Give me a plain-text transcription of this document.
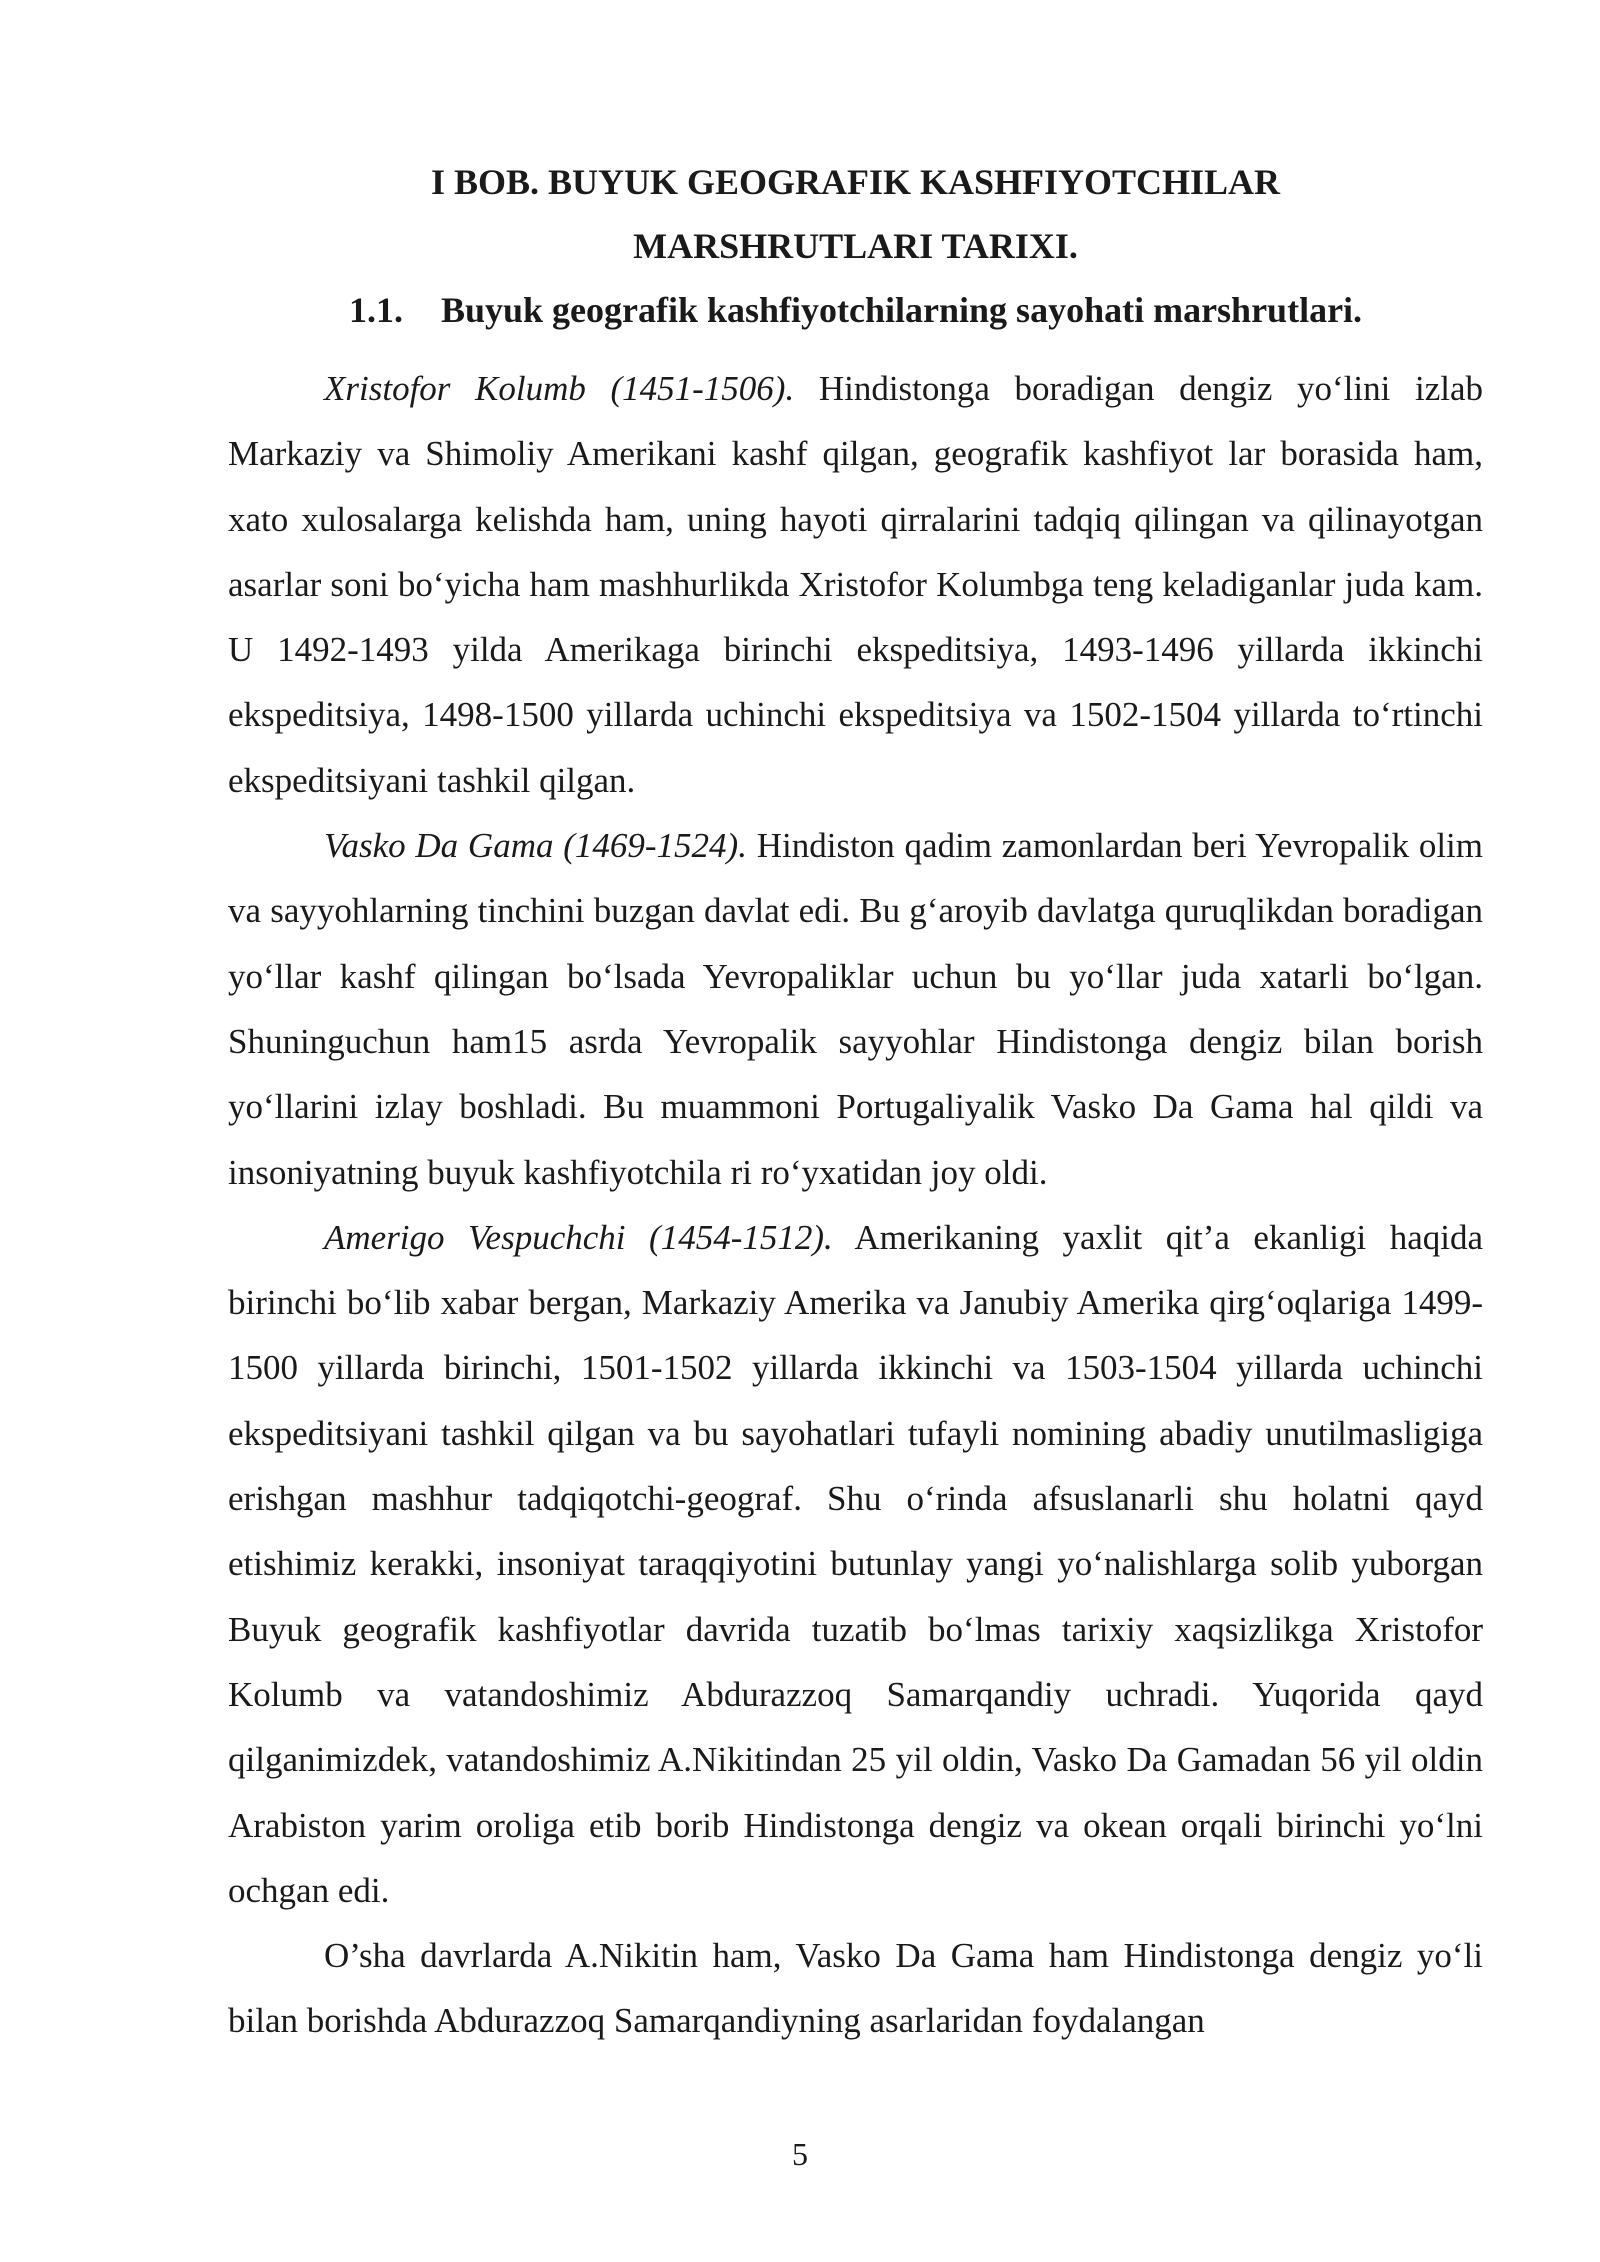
I BOB. BUYUK GEOGRAFIK KASHFIYOTCHILAR

MARSHRUTLARI TARIXI.

1.1. Buyuk geografik kashfiyotchilarning sayohati marshrutlari.

Xristofor Kolumb (1451-1506). Hindistonga boradigan dengiz yo‘lini izlab Markaziy va Shimoliy Amerikani kashf qilgan, geografik kashfiyot lar borasida ham, xato xulosalarga kelishda ham, uning hayoti qirralarini tadqiq qilingan va qilinayotgan asarlar soni bo‘yicha ham mashhurlikda Xristofor Kolumbga teng keladiganlar juda kam. U 1492-1493 yilda Amerikaga birinchi ekspeditsiya, 1493-1496 yillarda ikkinchi ekspeditsiya, 1498-1500 yillarda uchinchi ekspeditsiya va 1502-1504 yillarda to‘rtinchi ekspeditsiyani tashkil qilgan.

Vasko Da Gama (1469-1524). Hindiston qadim zamonlardan beri Yevropalik olim va sayyohlarning tinchini buzgan davlat edi. Bu g‘aroyib davlatga quruqlikdan boradigan yo‘llar kashf qilingan bo‘lsada Yevropaliklar uchun bu yo‘llar juda xatarli bo‘lgan. Shuninguchun ham15 asrda Yevropalik sayyohlar Hindistonga dengiz bilan borish yo‘llarini izlay boshladi. Bu muammoni Portugaliyalik Vasko Da Gama hal qildi va insoniyatning buyuk kashfiyotchila ri ro‘yxatidan joy oldi.

Amerigo Vespuchchi (1454-1512). Amerikaning yaxlit qit’a ekanligi haqida birinchi bo‘lib xabar bergan, Markaziy Amerika va Janubiy Amerika qirg‘oqlariga 1499-1500 yillarda birinchi, 1501-1502 yillarda ikkinchi va 1503-1504 yillarda uchinchi ekspeditsiyani tashkil qilgan va bu sayohatlari tufayli nomining abadiy unutilmasligiga erishgan mashhur tadqiqotchi-geograf. Shu o‘rinda afsuslanarli shu holatni qayd etishimiz kerakki, insoniyat taraqqiyotini butunlay yangi yo‘nalishlarga solib yuborgan Buyuk geografik kashfiyotlar davrida tuzatib bo‘lmas tarixiy xaqsizlikga Xristofor Kolumb va vatandoshimiz Abdurazzoq Samarqandiy uchradi. Yuqorida qayd qilganimizdek, vatandoshimiz A.Nikitindan 25 yil oldin, Vasko Da Gamadan 56 yil oldin Arabiston yarim oroliga etib borib Hindistonga dengiz va okean orqali birinchi yo‘lni ochgan edi.

O’sha davrlarda A.Nikitin ham, Vasko Da Gama ham Hindistonga dengiz yo‘li bilan borishda Abdurazzoq Samarqandiyning asarlaridan foydalangan

5
